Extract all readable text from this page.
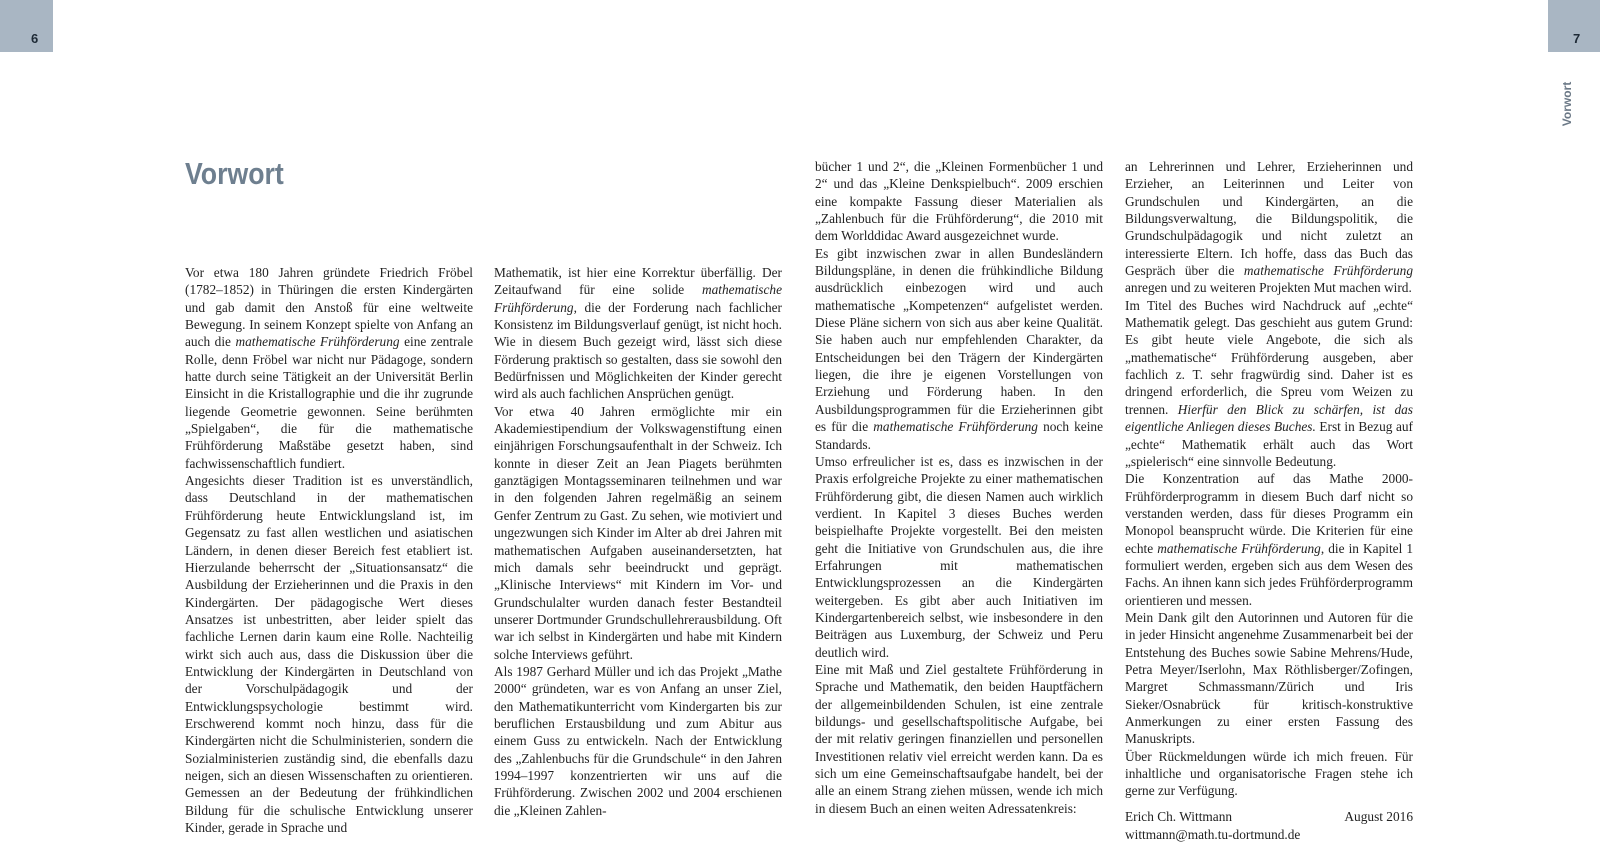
6	7
Vorwort
Vorwort

Vor etwa 180 Jahren gründete Friedrich Fröbel (1782–1852) in Thüringen die ersten Kindergärten und gab damit den Anstoß für eine weltweite Bewegung. In seinem Konzept spielte von Anfang an auch die mathematische Frühförderung eine zentrale Rolle, denn Fröbel war nicht nur Pädagoge, sondern hatte durch seine Tätigkeit an der Universität Berlin Einsicht in die Kristallographie und die ihr zugrunde liegende Geometrie gewonnen. Seine berühmten „Spielgaben“, die für die mathematische Frühförderung Maßstäbe gesetzt haben, sind fachwissenschaftlich fundiert.

Angesichts dieser Tradition ist es unverständlich, dass Deutschland in der mathematischen Frühförderung heute Entwicklungsland ist, im Gegensatz zu fast allen westlichen und asiatischen Ländern, in denen dieser Bereich fest etabliert ist. Hierzulande beherrscht der „Situationsansatz“ die Ausbildung der Erzieherinnen und die Praxis in den Kindergärten. Der pädagogische Wert dieses Ansatzes ist unbestritten, aber leider spielt das fachliche Lernen darin kaum eine Rolle. Nachteilig wirkt sich auch aus, dass die Diskussion über die Entwicklung der Kindergärten in Deutschland von der Vorschulpädagogik und der Entwicklungspsychologie bestimmt wird. Erschwerend kommt noch hinzu, dass für die Kindergärten nicht die Schulministerien, sondern die Sozialministerien zuständig sind, die ebenfalls dazu neigen, sich an diesen Wissenschaften zu orientieren. Gemessen an der Bedeutung der frühkindlichen Bildung für die schulische Entwicklung unserer Kinder, gerade in Sprache und

Mathematik, ist hier eine Korrektur überfällig. Der Zeitaufwand für eine solide mathematische Frühförderung, die der Forderung nach fachlicher Konsistenz im Bildungsverlauf genügt, ist nicht hoch. Wie in diesem Buch gezeigt wird, lässt sich diese Förderung praktisch so gestalten, dass sie sowohl den Bedürfnissen und Möglichkeiten der Kinder gerecht wird als auch fachlichen Ansprüchen genügt.

Vor etwa 40 Jahren ermöglichte mir ein Akademiestipendium der Volkswagenstiftung einen einjährigen Forschungsaufenthalt in der Schweiz. Ich konnte in dieser Zeit an Jean Piagets berühmten ganztägigen Montagsseminaren teilnehmen und war in den folgenden Jahren regelmäßig an seinem Genfer Zentrum zu Gast. Zu sehen, wie motiviert und ungezwungen sich Kinder im Alter ab drei Jahren mit mathematischen Aufgaben auseinandersetzten, hat mich damals sehr beeindruckt und geprägt. „Klinische Interviews“ mit Kindern im Vor- und Grundschulalter wurden danach fester Bestandteil unserer Dortmunder Grundschullehrerausbildung. Oft war ich selbst in Kindergärten und habe mit Kindern solche Interviews geführt.

Als 1987 Gerhard Müller und ich das Projekt „Mathe 2000“ gründeten, war es von Anfang an unser Ziel, den Mathematikunterricht vom Kindergarten bis zur beruflichen Erstausbildung und zum Abitur aus einem Guss zu entwickeln. Nach der Entwicklung des „Zahlenbuchs für die Grundschule“ in den Jahren 1994–1997 konzentrierten wir uns auf die Frühförderung. Zwischen 2002 und 2004 erschienen die „Kleinen Zahlen-

bücher 1 und 2“, die „Kleinen Formenbücher 1 und 2“ und das „Kleine Denkspielbuch“. 2009 erschien eine kompakte Fassung dieser Materialien als „Zahlenbuch für die Frühförderung“, die 2010 mit dem Worlddidac Award ausgezeichnet wurde.

Es gibt inzwischen zwar in allen Bundesländern Bildungspläne, in denen die frühkindliche Bildung ausdrücklich einbezogen wird und auch mathematische „Kompetenzen“ aufgelistet werden. Diese Pläne sichern von sich aus aber keine Qualität. Sie haben auch nur empfehlenden Charakter, da Entscheidungen bei den Trägern der Kindergärten liegen, die ihre je eigenen Vorstellungen von Erziehung und Förderung haben. In den Ausbildungsprogrammen für die Erzieherinnen gibt es für die mathematische Frühförderung noch keine Standards.

Umso erfreulicher ist es, dass es inzwischen in der Praxis erfolgreiche Projekte zu einer mathematischen Frühförderung gibt, die diesen Namen auch wirklich verdient. In Kapitel 3 dieses Buches werden beispielhafte Projekte vorgestellt. Bei den meisten geht die Initiative von Grundschulen aus, die ihre Erfahrungen mit mathematischen Entwicklungsprozessen an die Kindergärten weitergeben. Es gibt aber auch Initiativen im Kindergartenbereich selbst, wie insbesondere in den Beiträgen aus Luxemburg, der Schweiz und Peru deutlich wird.

Eine mit Maß und Ziel gestaltete Frühförderung in Sprache und Mathematik, den beiden Hauptfächern der allgemeinbildenden Schulen, ist eine zentrale bildungs- und gesellschaftspolitische Aufgabe, bei der mit relativ geringen finanziellen und personellen Investitionen relativ viel erreicht werden kann. Da es sich um eine Gemeinschaftsaufgabe handelt, bei der alle an einem Strang ziehen müssen, wende ich mich in diesem Buch an einen weiten Adressatenkreis:

an Lehrerinnen und Lehrer, Erzieherinnen und Erzieher, an Leiterinnen und Leiter von Grundschulen und Kindergärten, an die Bildungsverwaltung, die Bildungspolitik, die Grundschulpädagogik und nicht zuletzt an interessierte Eltern. Ich hoffe, dass das Buch das Gespräch über die mathematische Frühförderung anregen und zu weiteren Projekten Mut machen wird.

Im Titel des Buches wird Nachdruck auf „echte“ Mathematik gelegt. Das geschieht aus gutem Grund: Es gibt heute viele Angebote, die sich als „mathematische“ Frühförderung ausgeben, aber fachlich z. T. sehr fragwürdig sind. Daher ist es dringend erforderlich, die Spreu vom Weizen zu trennen. Hierfür den Blick zu schärfen, ist das eigentliche Anliegen dieses Buches. Erst in Bezug auf „echte“ Mathematik erhält auch das Wort „spielerisch“ eine sinnvolle Bedeutung.

Die Konzentration auf das Mathe 2000-Frühförderprogramm in diesem Buch darf nicht so verstanden werden, dass für dieses Programm ein Monopol beansprucht würde. Die Kriterien für eine echte mathematische Frühförderung, die in Kapitel 1 formuliert werden, ergeben sich aus dem Wesen des Fachs. An ihnen kann sich jedes Frühförderprogramm orientieren und messen.

Mein Dank gilt den Autorinnen und Autoren für die in jeder Hinsicht angenehme Zusammenarbeit bei der Entstehung des Buches sowie Sabine Mehrens/Hude, Petra Meyer/Iserlohn, Max Röthlisberger/Zofingen, Margret Schmassmann/Zürich und Iris Sieker/Osnabrück für kritisch-konstruktive Anmerkungen zu einer ersten Fassung des Manuskripts.

Über Rückmeldungen würde ich mich freuen. Für inhaltliche und organisatorische Fragen stehe ich gerne zur Verfügung.

Erich Ch. Wittmann	August 2016
wittmann@math.tu-dortmund.de
